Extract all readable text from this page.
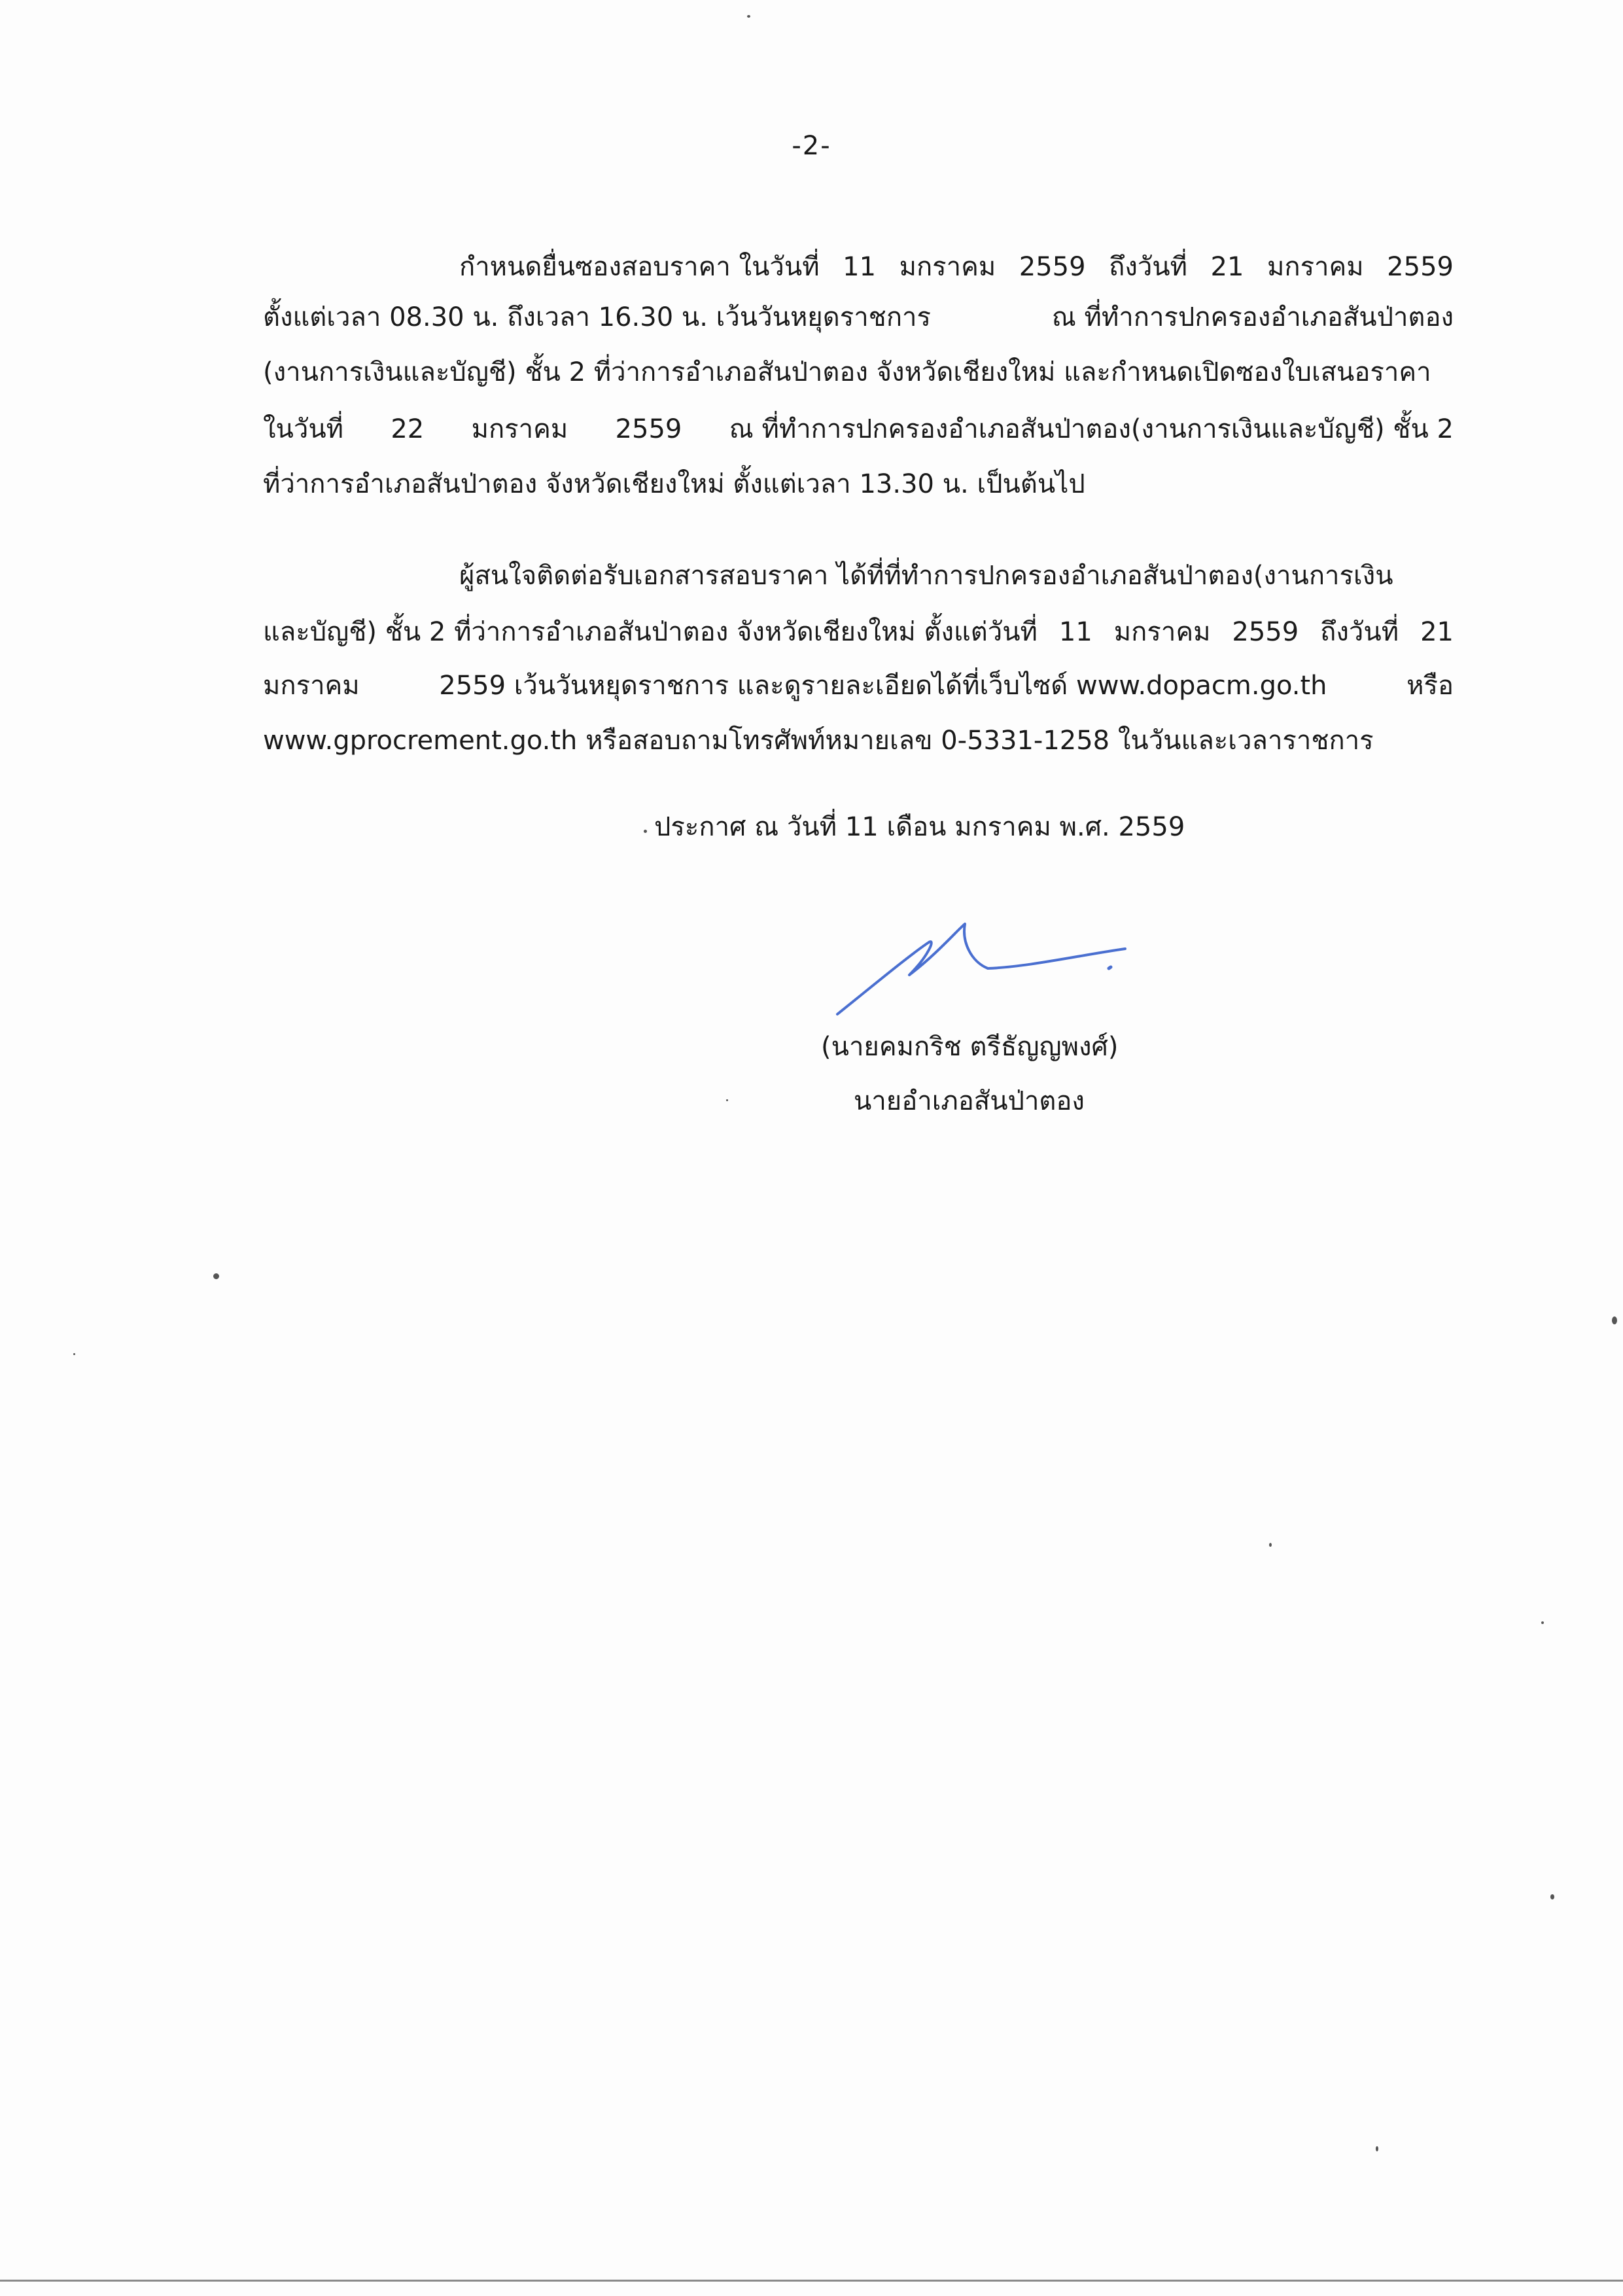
-2-
กำหนดยื่นซองสอบราคา ในวันที่ 11 มกราคม 2559 ถึงวันที่ 21 มกราคม 2559
ตั้งแต่เวลา 08.30 น. ถึงเวลา 16.30 น. เว้นวันหยุดราชการ	ณ ที่ทำการปกครองอำเภอสันป่าตอง
(งานการเงินและบัญชี) ชั้น 2 ที่ว่าการอำเภอสันป่าตอง จังหวัดเชียงใหม่ และกำหนดเปิดซองใบเสนอราคา
ในวันที่ 22 มกราคม 2559 ณ ที่ทำการปกครองอำเภอสันป่าตอง(งานการเงินและบัญชี) ชั้น 2
ที่ว่าการอำเภอสันป่าตอง จังหวัดเชียงใหม่ ตั้งแต่เวลา 13.30 น. เป็นต้นไป
ผู้สนใจติดต่อรับเอกสารสอบราคา ได้ที่ที่ทำการปกครองอำเภอสันป่าตอง(งานการเงิน
และบัญชี) ชั้น 2 ที่ว่าการอำเภอสันป่าตอง จังหวัดเชียงใหม่ ตั้งแต่วันที่ 11 มกราคม 2559 ถึงวันที่ 21
มกราคม	2559 เว้นวันหยุดราชการ และดูรายละเอียดได้ที่เว็บไซด์ www.dopacm.go.th	หรือ
www.gprocrement.go.th หรือสอบถามโทรศัพท์หมายเลข 0-5331-1258 ในวันและเวลาราชการ
ประกาศ ณ วันที่ 11 เดือน มกราคม พ.ศ. 2559
(นายคมกริช ตรีธัญญพงศ์)
นายอำเภอสันป่าตอง
